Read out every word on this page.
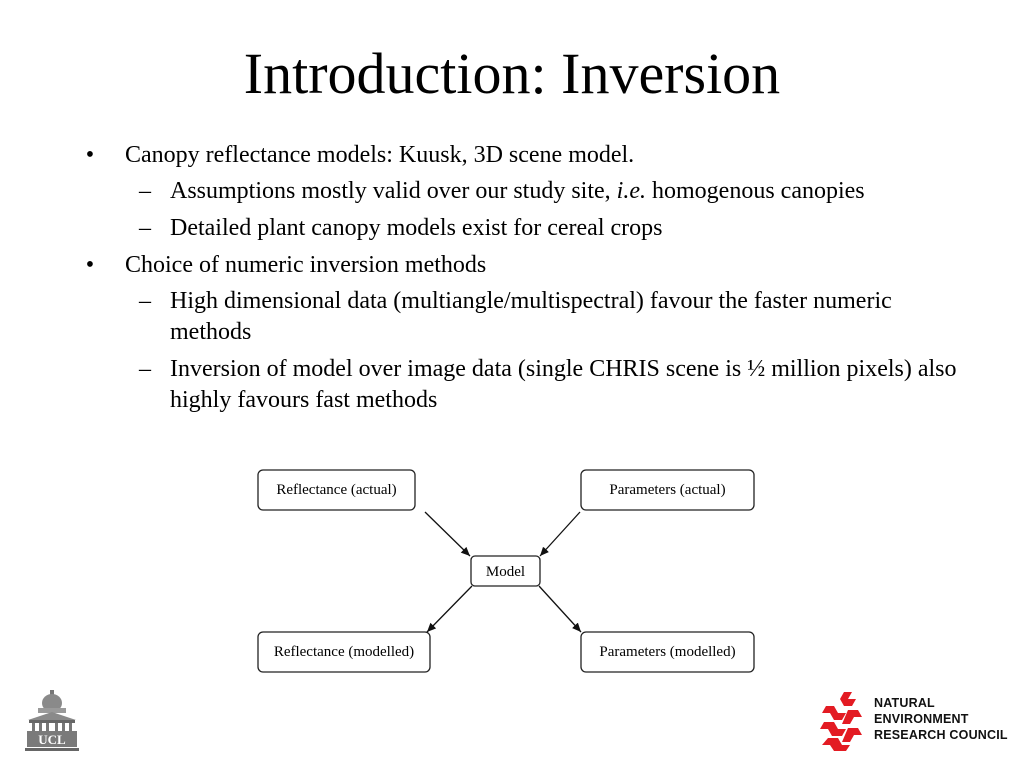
Introduction: Inversion
• Canopy reflectance models: Kuusk, 3D scene model.
– Assumptions mostly valid over our study site, i.e. homogenous canopies
– Detailed plant canopy models exist for cereal crops
• Choice of numeric inversion methods
– High dimensional data (multiangle/multispectral) favour the faster numeric methods
– Inversion of model over image data (single CHRIS scene is ½ million pixels) also highly favours fast methods
Reflectance (actual)	Parameters (actual)
Model
Reflectance (modelled)	Parameters (modelled)
UCL
NATURAL
ENVIRONMENT
RESEARCH COUNCIL
